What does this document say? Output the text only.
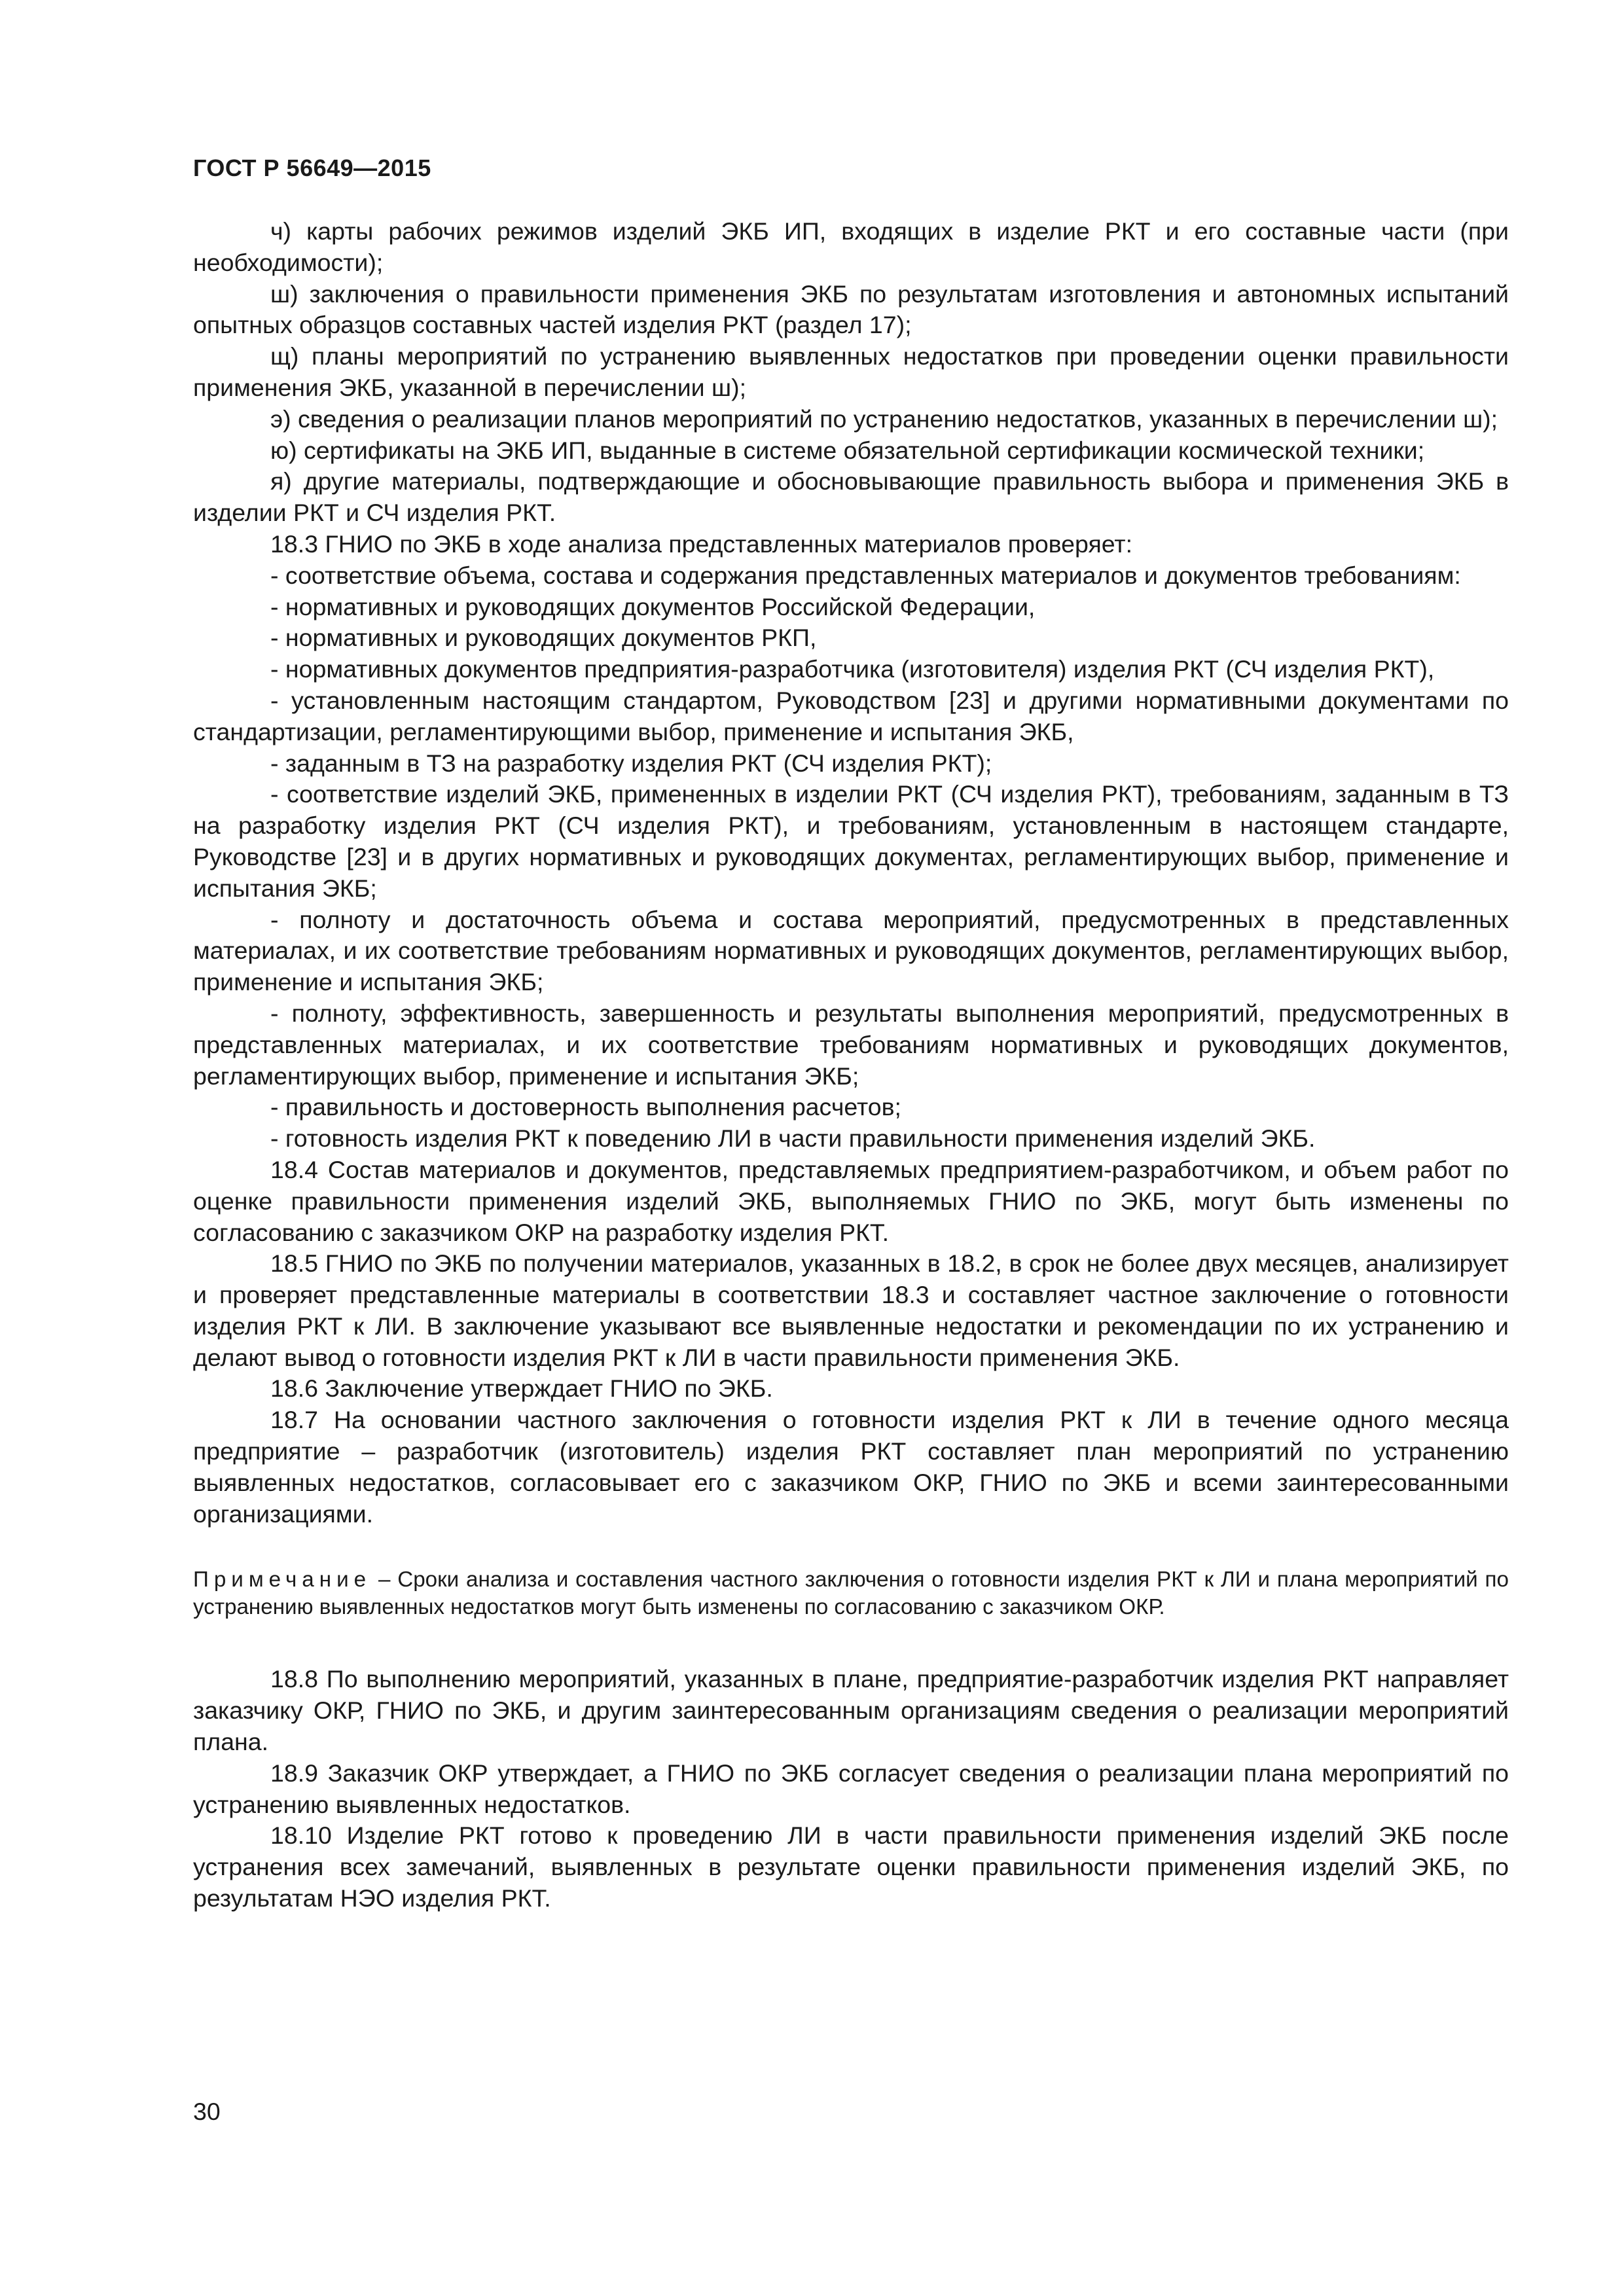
ГОСТ Р 56649—2015

ч) карты рабочих режимов изделий ЭКБ ИП, входящих в изделие РКТ и его составные части (при необходимости);

ш) заключения о правильности применения ЭКБ по результатам изготовления и автономных испытаний опытных образцов составных частей изделия РКТ (раздел 17);

щ) планы мероприятий по устранению выявленных недостатков при проведении оценки правильности применения ЭКБ, указанной в перечислении ш);

э) сведения о реализации планов мероприятий по устранению недостатков, указанных в перечислении ш);

ю) сертификаты на ЭКБ ИП, выданные в системе обязательной сертификации космической техники;

я) другие материалы, подтверждающие и обосновывающие правильность выбора и применения ЭКБ в изделии РКТ и СЧ изделия РКТ.

18.3 ГНИО по ЭКБ в ходе анализа представленных материалов проверяет:

- соответствие объема, состава и содержания представленных материалов и документов требованиям:

- нормативных и руководящих документов Российской Федерации,

- нормативных и руководящих документов РКП,

- нормативных документов предприятия-разработчика (изготовителя) изделия РКТ (СЧ изделия РКТ),

- установленным настоящим стандартом, Руководством [23] и другими нормативными документами по стандартизации, регламентирующими выбор, применение и испытания ЭКБ,

- заданным в ТЗ на разработку изделия РКТ (СЧ изделия РКТ);

- соответствие изделий ЭКБ, примененных в изделии РКТ (СЧ изделия РКТ), требованиям, заданным в ТЗ на разработку изделия РКТ (СЧ изделия РКТ), и требованиям, установленным в настоящем стандарте, Руководстве [23] и в других нормативных и руководящих документах, регламентирующих выбор, применение и испытания ЭКБ;

- полноту и достаточность объема и состава мероприятий, предусмотренных в представленных материалах, и их соответствие требованиям нормативных и руководящих документов, регламентирующих выбор, применение и испытания ЭКБ;

- полноту, эффективность, завершенность и результаты выполнения мероприятий, предусмотренных в представленных материалах, и их соответствие требованиям нормативных и руководящих документов, регламентирующих выбор, применение и испытания ЭКБ;

- правильность и достоверность выполнения расчетов;

- готовность изделия РКТ к поведению ЛИ в части правильности применения изделий ЭКБ.

18.4 Состав материалов и документов, представляемых предприятием-разработчиком, и объем работ по оценке правильности применения изделий ЭКБ, выполняемых ГНИО по ЭКБ, могут быть изменены по согласованию с заказчиком ОКР на разработку изделия РКТ.

18.5 ГНИО по ЭКБ по получении материалов, указанных в 18.2, в срок не более двух месяцев, анализирует и проверяет представленные материалы в соответствии 18.3 и составляет частное заключение о готовности изделия РКТ к ЛИ. В заключение указывают все выявленные недостатки и рекомендации по их устранению и делают вывод о готовности изделия РКТ к ЛИ в части правильности применения ЭКБ.

18.6 Заключение утверждает ГНИО по ЭКБ.

18.7 На основании частного заключения о готовности изделия РКТ к ЛИ в течение одного месяца предприятие – разработчик (изготовитель) изделия РКТ составляет план мероприятий по устранению выявленных недостатков, согласовывает его с заказчиком ОКР, ГНИО по ЭКБ и всеми заинтересованными организациями.

Примечание – Сроки анализа и составления частного заключения о готовности изделия РКТ к ЛИ и плана мероприятий по устранению выявленных недостатков могут быть изменены по согласованию с заказчиком ОКР.

18.8 По выполнению мероприятий, указанных в плане, предприятие-разработчик изделия РКТ направляет заказчику ОКР, ГНИО по ЭКБ, и другим заинтересованным организациям сведения о реализации мероприятий плана.

18.9 Заказчик ОКР утверждает, а ГНИО по ЭКБ согласует сведения о реализации плана мероприятий по устранению выявленных недостатков.

18.10 Изделие РКТ готово к проведению ЛИ в части правильности применения изделий ЭКБ после устранения всех замечаний, выявленных в результате оценки правильности применения изделий ЭКБ, по результатам НЭО изделия РКТ.

30
